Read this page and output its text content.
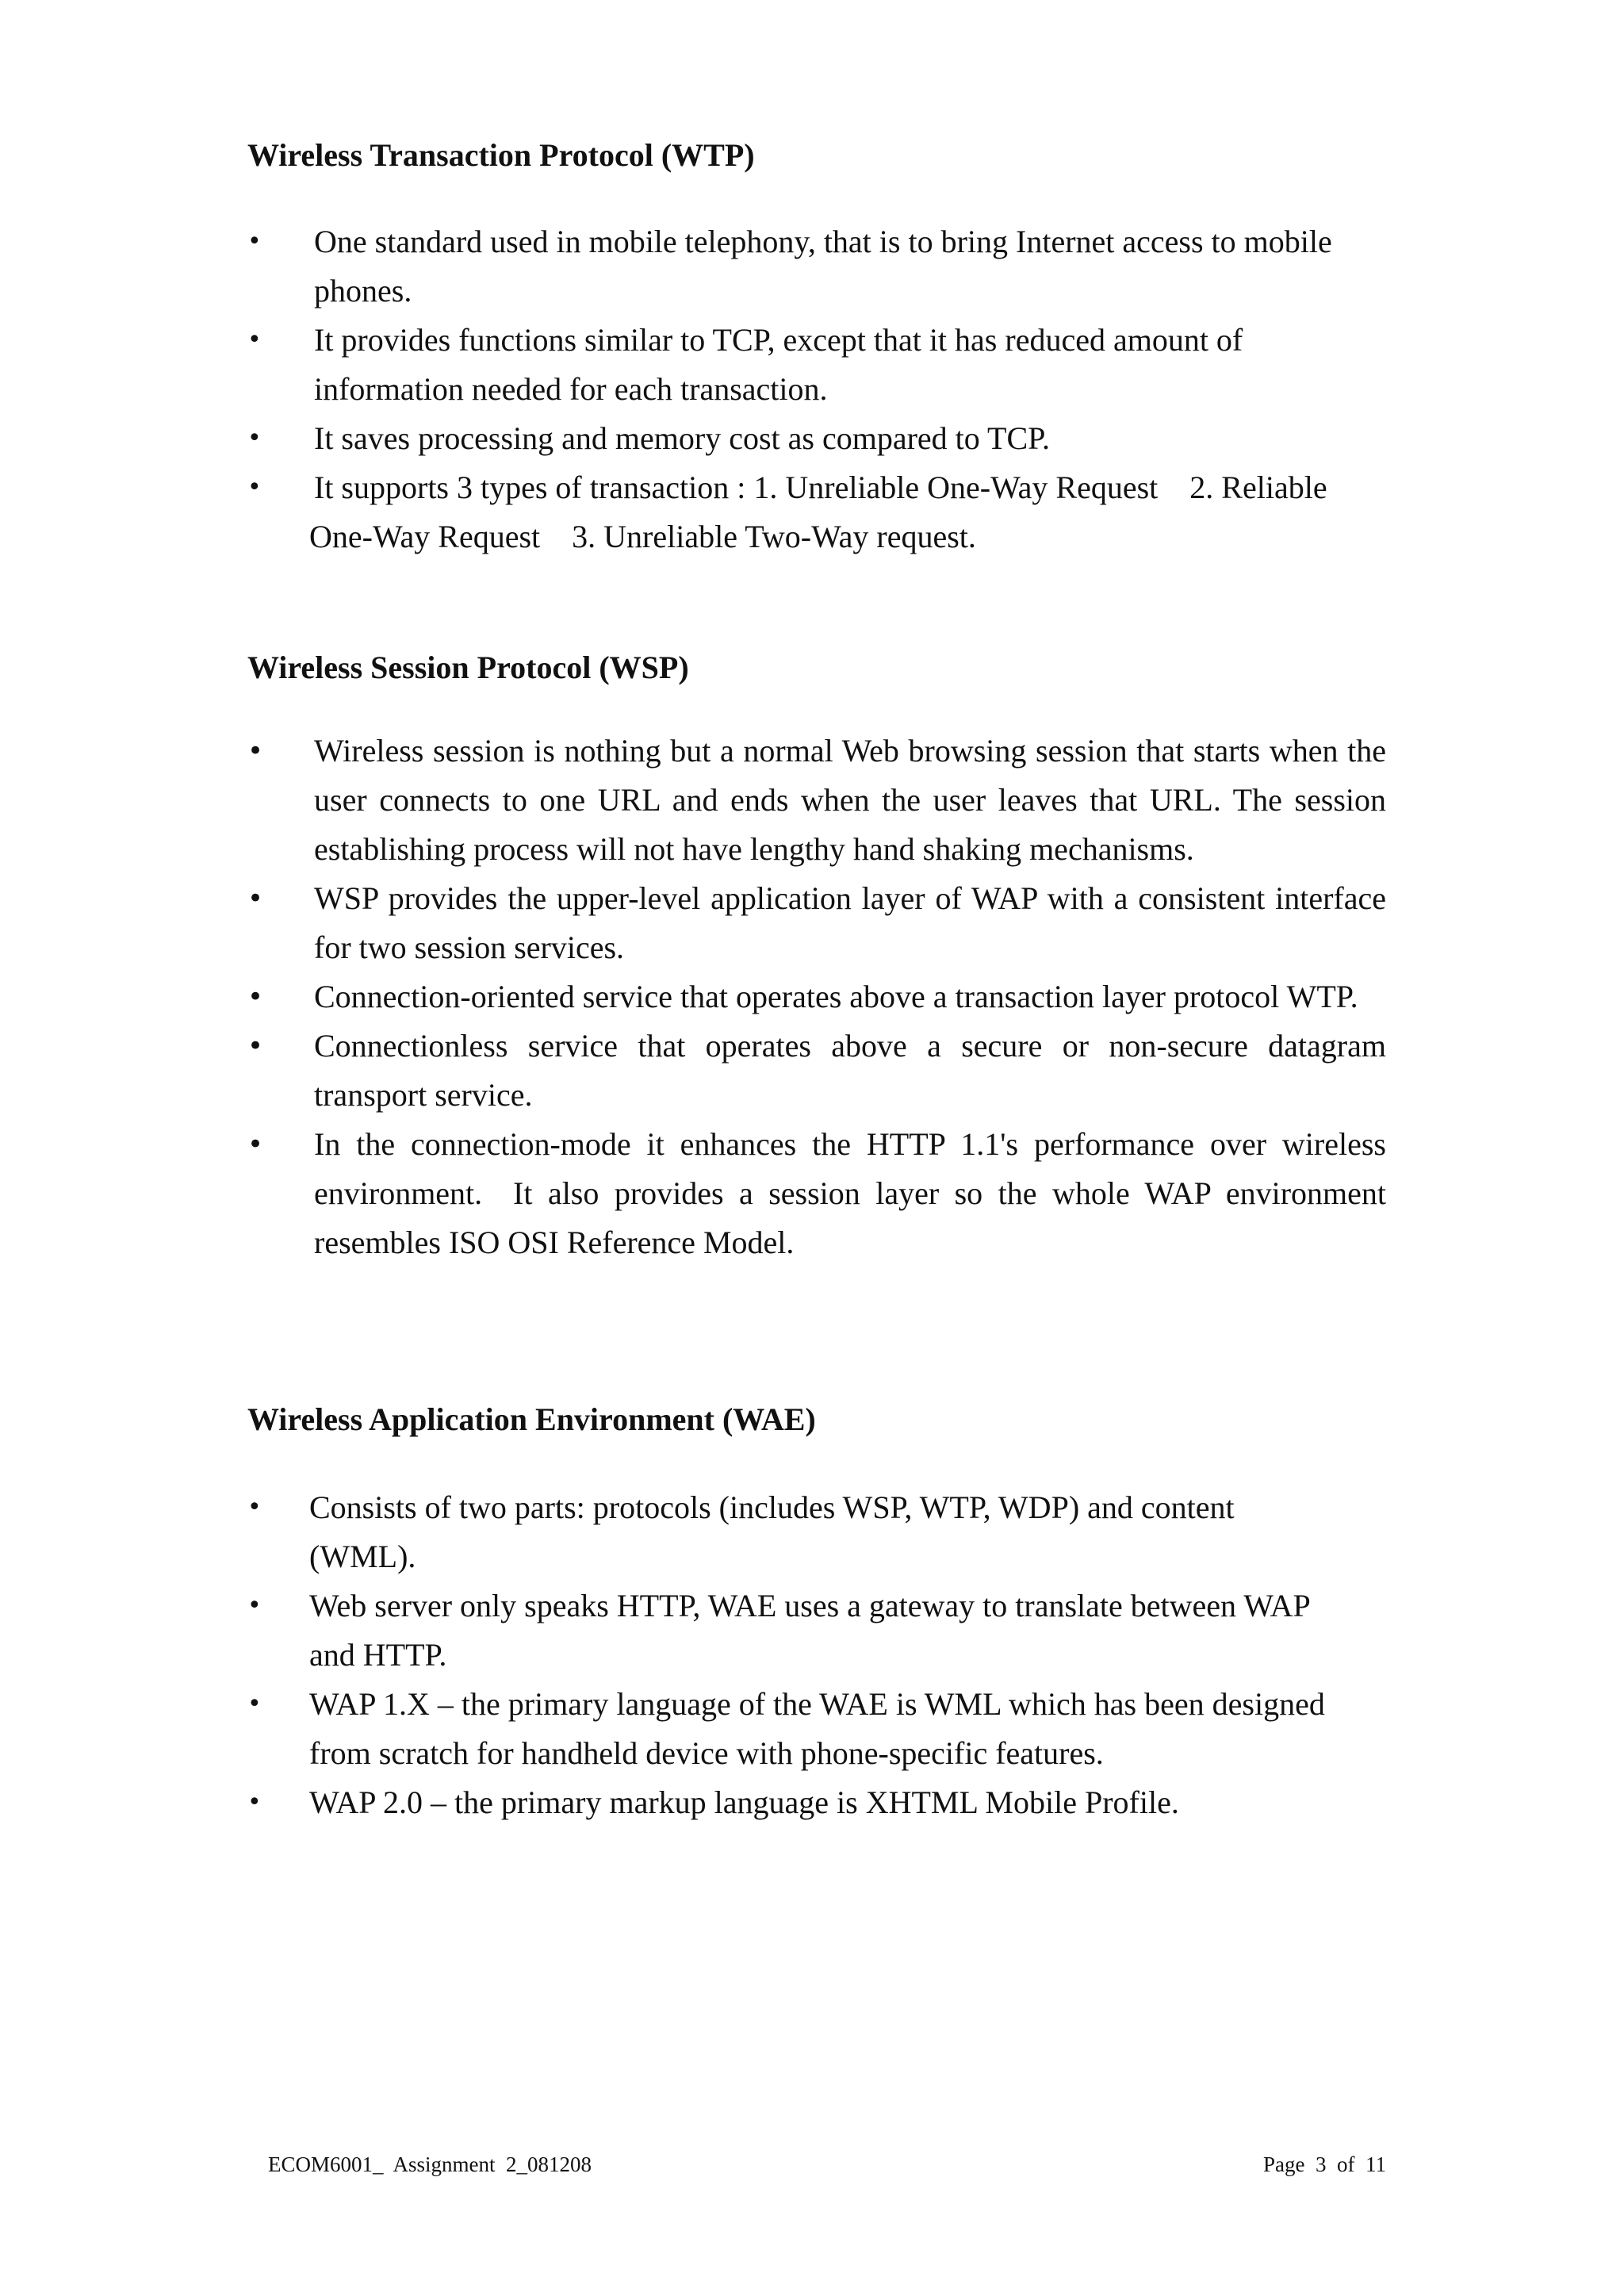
Wireless Transaction Protocol (WTP)
•	One standard used in mobile telephony, that is to bring Internet access to mobile phones.
•	It provides functions similar to TCP, except that it has reduced amount of information needed for each transaction.
•	It saves processing and memory cost as compared to TCP.
•	It supports 3 types of transaction : 1. Unreliable One-Way Request    2. Reliable
One-Way Request    3. Unreliable Two-Way request.
Wireless Session Protocol (WSP)
• Wireless session is nothing but a normal Web browsing session that starts when the user connects to one URL and ends when the user leaves that URL. The session establishing process will not have lengthy hand shaking mechanisms.
• WSP provides the upper-level application layer of WAP with a consistent interface for two session services.
• Connection-oriented service that operates above a transaction layer protocol WTP.
• Connectionless service that operates above a secure or non-secure datagram transport service.
• In the connection-mode it enhances the HTTP 1.1's performance over wireless environment.  It also provides a session layer so the whole WAP environment resembles ISO OSI Reference Model.
Wireless Application Environment (WAE)
•	Consists of two parts: protocols (includes WSP, WTP, WDP) and content (WML).
•	Web server only speaks HTTP, WAE uses a gateway to translate between WAP and HTTP.
•	WAP 1.X – the primary language of the WAE is WML which has been designed from scratch for handheld device with phone-specific features.
•	WAP 2.0 – the primary markup language is XHTML Mobile Profile.
ECOM6001_  Assignment  2_081208	Page  3  of  11
